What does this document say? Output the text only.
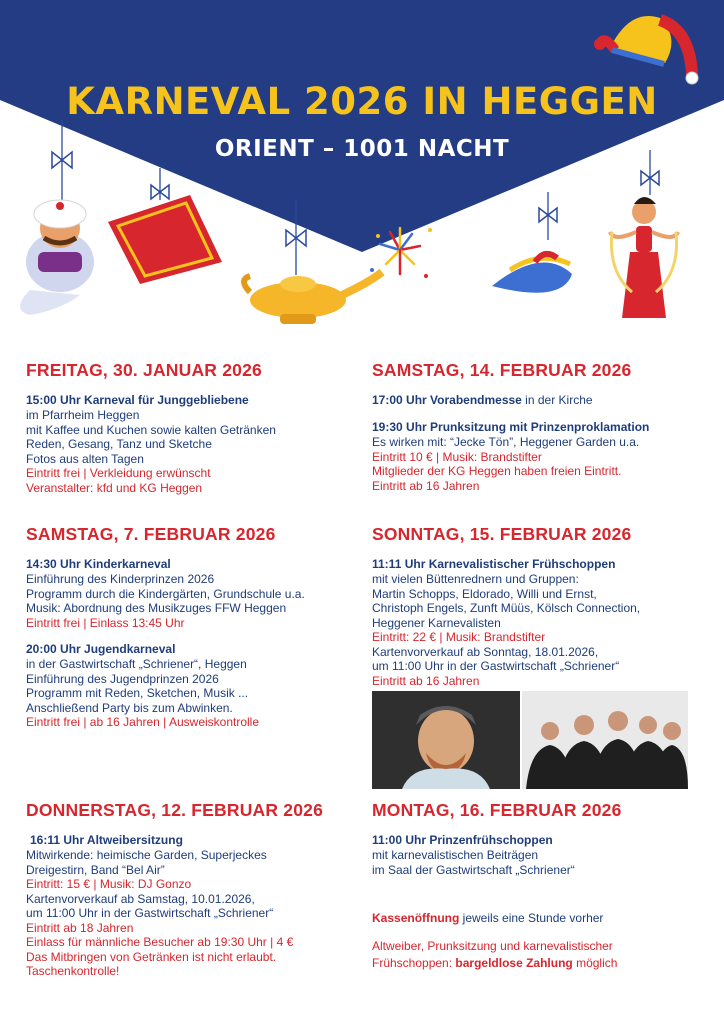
KARNEVAL 2026 IN HEGGEN
ORIENT – 1001 NACHT
FREITAG, 30. JANUAR 2026
15:00 Uhr Karneval für Junggebliebene
im Pfarrheim Heggen
mit Kaffee und Kuchen sowie kalten Getränken
Reden, Gesang, Tanz und Sketche
Fotos aus alten Tagen
Eintritt frei | Verkleidung erwünscht
Veranstalter: kfd und KG Heggen
SAMSTAG, 7. FEBRUAR 2026
14:30 Uhr Kinderkarneval
Einführung des Kinderprinzen 2026
Programm durch die Kindergärten, Grundschule u.a.
Musik: Abordnung des Musikzuges FFW Heggen
Eintritt frei | Einlass 13:45 Uhr
20:00 Uhr Jugendkarneval
in der Gastwirtschaft „Schriener“, Heggen
Einführung des Jugendprinzen 2026
Programm mit Reden, Sketchen, Musik ...
Anschließend Party bis zum Abwinken.
Eintritt frei | ab 16 Jahren | Ausweiskontrolle
DONNERSTAG, 12. FEBRUAR 2026
16:11 Uhr Altweibersitzung
Mitwirkende: heimische Garden, Superjeckes
Dreigestirn, Band “Bel Air”
Eintritt: 15 € | Musik: DJ Gonzo
Kartenvorverkauf ab Samstag, 10.01.2026,
um 11:00 Uhr in der Gastwirtschaft „Schriener“
Eintritt ab 18 Jahren
Einlass für männliche Besucher ab 19:30 Uhr | 4 €
Das Mitbringen von Getränken ist nicht erlaubt.
Taschenkontrolle!
SAMSTAG, 14. FEBRUAR 2026
17:00 Uhr Vorabendmesse in der Kirche
19:30 Uhr Prunksitzung mit Prinzenproklamation
Es wirken mit: “Jecke Tön”, Heggener Garden u.a.
Eintritt 10 € | Musik: Brandstifter
Mitglieder der KG Heggen haben freien Eintritt.
Eintritt ab 16 Jahren
SONNTAG, 15. FEBRUAR 2026
11:11 Uhr Karnevalistischer Frühschoppen
mit vielen Büttenrednern und Gruppen:
Martin Schopps, Eldorado, Willi und Ernst,
Christoph Engels, Zunft Müüs, Kölsch Connection,
Heggener Karnevalisten
Eintritt: 22 € | Musik: Brandstifter
Kartenvorverkauf ab Sonntag, 18.01.2026,
um 11:00 Uhr in der Gastwirtschaft „Schriener“
Eintritt ab 16 Jahren
MONTAG, 16. FEBRUAR 2026
11:00 Uhr Prinzenfrühschoppen
mit karnevalistischen Beiträgen
im Saal der Gastwirtschaft „Schriener“
Kassenöffnung jeweils eine Stunde vorher
Altweiber, Prunksitzung und karnevalistischer
Frühschoppen: bargeldlose Zahlung möglich
